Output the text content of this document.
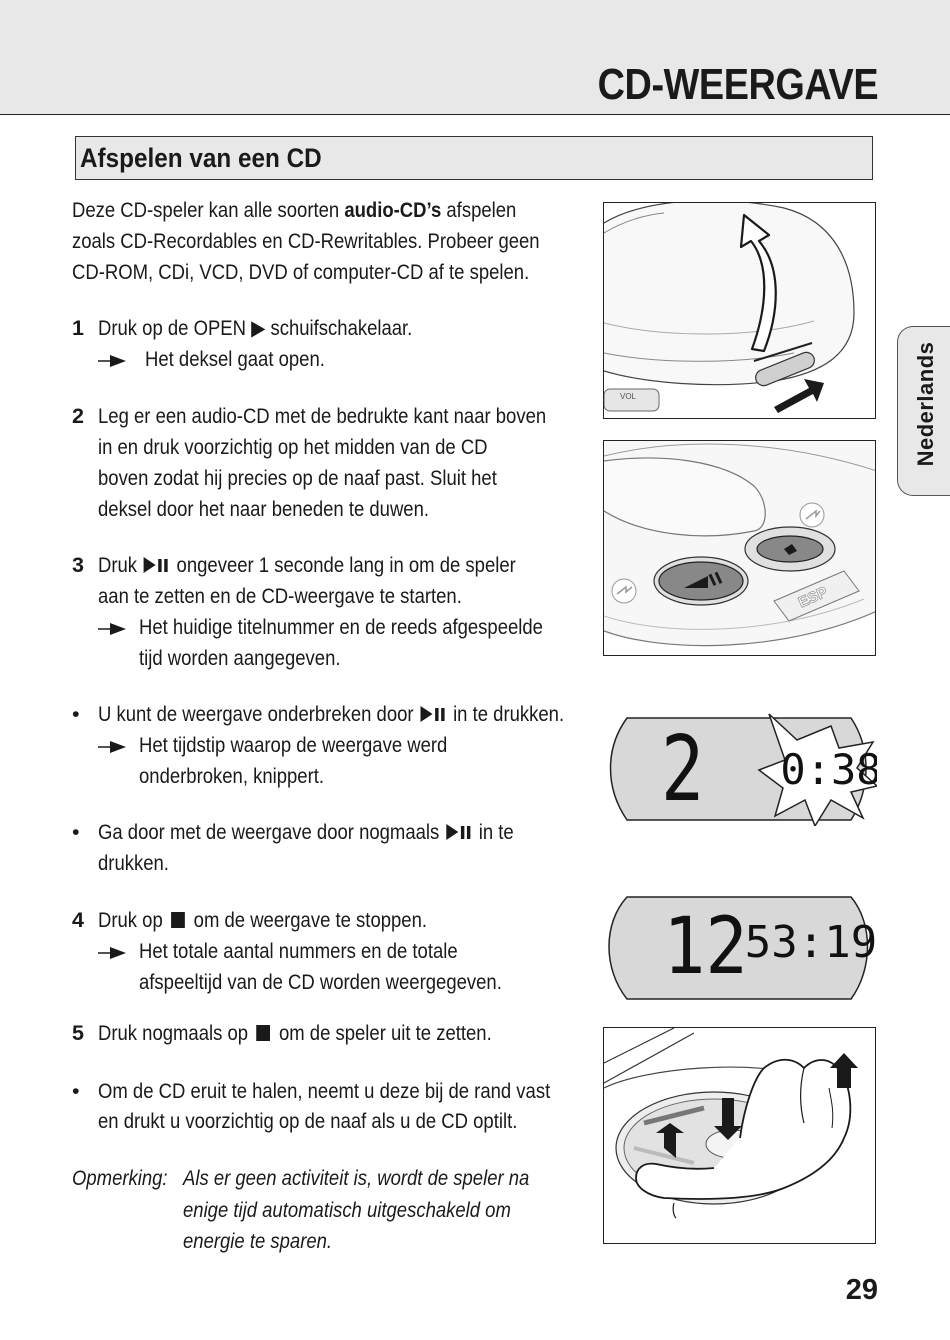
CD-WEERGAVE
Afspelen van een CD
Nederlands
Deze CD-speler kan alle soorten audio-CD’s afspelen
zoals CD-Recordables en CD-Rewritables. Probeer geen
CD-ROM, CDi, VCD, DVD of computer-CD af te spelen.
1 Druk op de OPEN ▶ schuifschakelaar.
Het deksel gaat open.
2 Leg er een audio-CD met de bedrukte kant naar boven
in en druk voorzichtig op het midden van de CD
boven zodat hij precies op de naaf past. Sluit het
deksel door het naar beneden te duwen.
3 Druk  ongeveer 1 seconde lang in om de speler
aan te zetten en de CD-weergave te starten.
Het huidige titelnummer en de reeds afgespeelde
tijd worden aangegeven.
• U kunt de weergave onderbreken door  in te drukken.
Het tijdstip waarop de weergave werd
onderbroken, knippert.
• Ga door met de weergave door nogmaals  in te
drukken.
4 Druk op  om de weergave te stoppen.
Het totale aantal nummers en de totale
afspeeltijd van de CD worden weergegeven.
5 Druk nogmaals op  om de speler uit te zetten.
• Om de CD eruit te halen, neemt u deze bij de rand vast
en drukt u voorzichtig op de naaf als u de CD optilt.
Opmerking: Als er geen activiteit is, wordt de speler na
enige tijd automatisch uitgeschakeld om
energie te sparen.
VOL
ESP
2 0:38
12
53:19
29
